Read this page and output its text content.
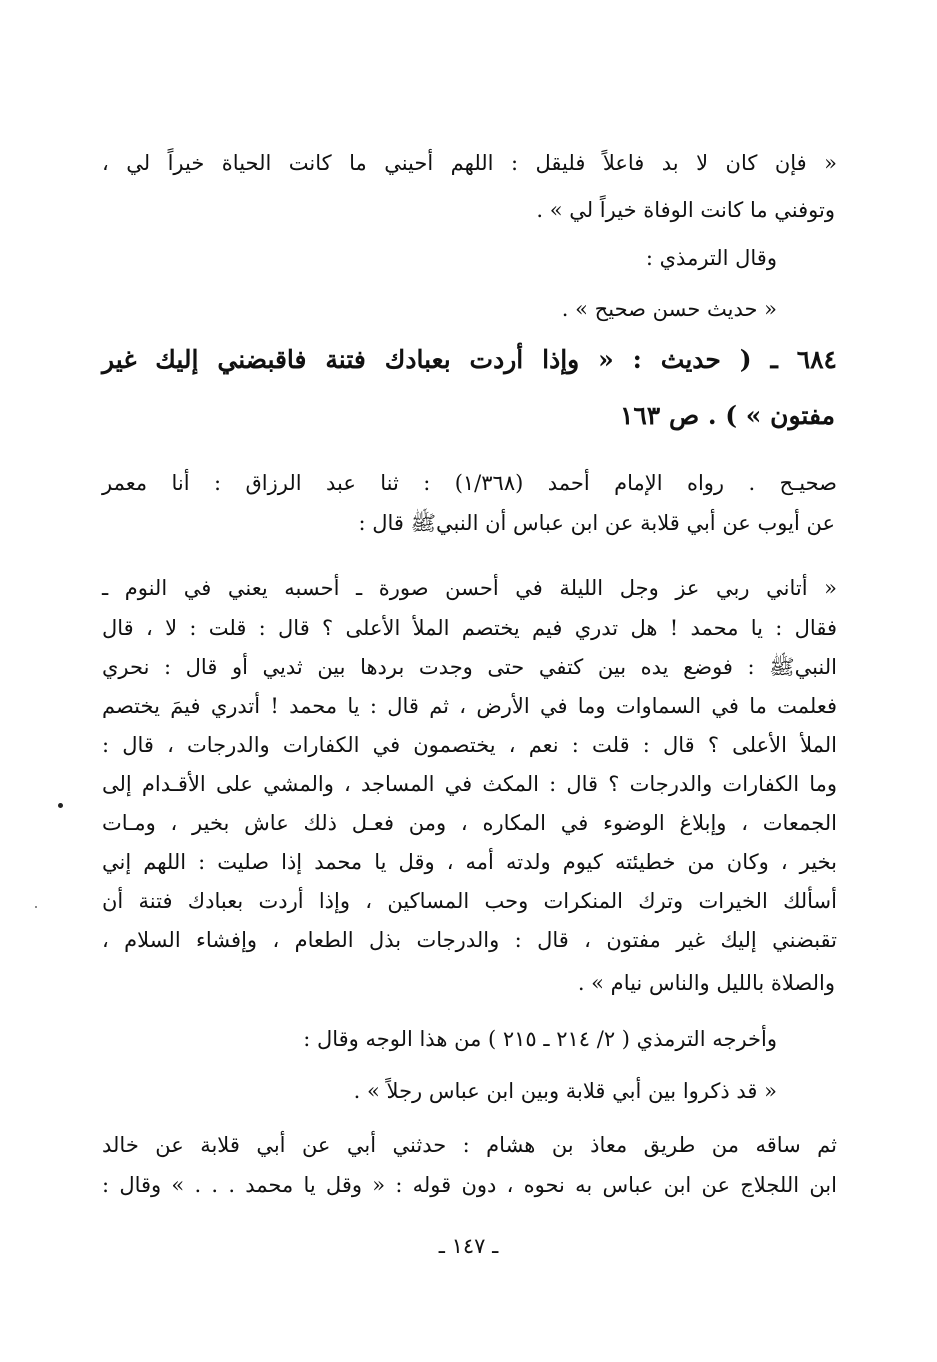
« فإن كان لا بد فاعلاً فليقل : اللهم أحيني ما كانت الحياة خيراً لي ،
وتوفني ما كانت الوفاة خيراً لي » .
وقال الترمذي :
« حديث حسن صحيح » .
٦٨٤ ـ ( حديث : « وإذا أردت بعبادك فتنة فاقبضني إليك غير
مفتون » ) . ص ١٦٣
صحيـح . رواه الإمام أحمد (١/٣٦٨) : ثنا عبد الرزاق : أنا معمر
عن أيوب عن أبي قلابة عن ابن عباس أن النبيﷺ قال :
« أتاني ربي عز وجل الليلة في أحسن صورة ـ أحسبه يعني في النوم ـ
فقال : يا محمد ! هل تدري فيم يختصم الملأ الأعلى ؟ قال : قلت : لا ، قال
النبيﷺ : فوضع يده بين كتفي حتى وجدت بردها بين ثديي أو قال : نحري
فعلمت ما في السماوات وما في الأرض ، ثم قال : يا محمد ! أتدري فيمَ يختصم
الملأ الأعلى ؟ قال : قلت : نعم ، يختصمون في الكفارات والدرجات ، قال :
وما الكفارات والدرجات ؟ قال : المكث في المساجد ، والمشي على الأقـدام إلى
الجمعات ، وإبلاغ الوضوء في المكاره ، ومن فعـل ذلك عاش بخير ، ومـات
بخير ، وكان من خطيئته كيوم ولدته أمه ، وقل يا محمد إذا صليت : اللهم إني
أسألك الخيرات وترك المنكرات وحب المساكين ، وإذا أردت بعبادك فتنة أن
تقبضني إليك غير مفتون ، قال : والدرجات بذل الطعام ، وإفشاء السلام ،
والصلاة بالليل والناس نيام » .
وأخرجه الترمذي ( ٢/ ٢١٤ ـ ٢١٥ ) من هذا الوجه وقال :
« قد ذكروا بين أبي قلابة وبين ابن عباس رجلاً » .
ثم ساقه من طريق معاذ بن هشام : حدثني أبي عن أبي قلابة عن خالد
ابن اللجلاج عن ابن عباس به نحوه ، دون قوله : « وقل يا محمد . . . » وقال :
ـ ١٤٧ ـ
